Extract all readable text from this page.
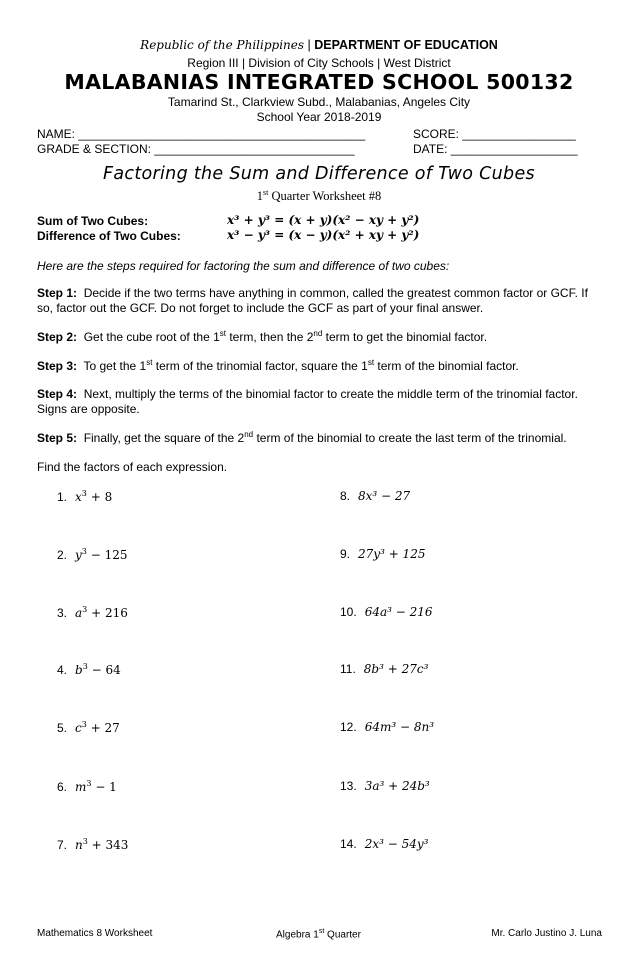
Republic of the Philippines | DEPARTMENT OF EDUCATION
Region III | Division of City Schools | West District
MALABANIAS INTEGRATED SCHOOL 500132
Tamarind St., Clarkview Subd., Malabanias, Angeles City
School Year 2018-2019
NAME: ___________________________________________	SCORE: _________________
GRADE & SECTION: ______________________________	DATE: ___________________
Factoring the Sum and Difference of Two Cubes
1st Quarter Worksheet #8
Sum of Two Cubes:	x³ + y³ = (x + y)(x² − xy + y²)
Difference of Two Cubes:	x³ − y³ = (x − y)(x² + xy + y²)
Here are the steps required for factoring the sum and difference of two cubes:
Step 1: Decide if the two terms have anything in common, called the greatest common factor or GCF. If so, factor out the GCF. Do not forget to include the GCF as part of your final answer.
Step 2: Get the cube root of the 1st term, then the 2nd term to get the binomial factor.
Step 3: To get the 1st term of the trinomial factor, square the 1st term of the binomial factor.
Step 4: Next, multiply the terms of the binomial factor to create the middle term of the trinomial factor. Signs are opposite.
Step 5: Finally, get the square of the 2nd term of the binomial to create the last term of the trinomial.
Find the factors of each expression.
1. $x^3 + 8$
2. $y^3 - 125$
3. $a^3 + 216$
4. $b^3 - 64$
5. $c^3 + 27$
6. $m^3 - 1$
7. $n^3 + 343$
8. 8x³ − 27
9. 27y³ + 125
10. 64a³ − 216
11. 8b³ + 27c³
12. 64m³ − 8n³
13. 3a³ + 24b³
14. 2x³ − 54y³
Mathematics 8 Worksheet	Algebra 1st Quarter	Mr. Carlo Justino J. Luna
